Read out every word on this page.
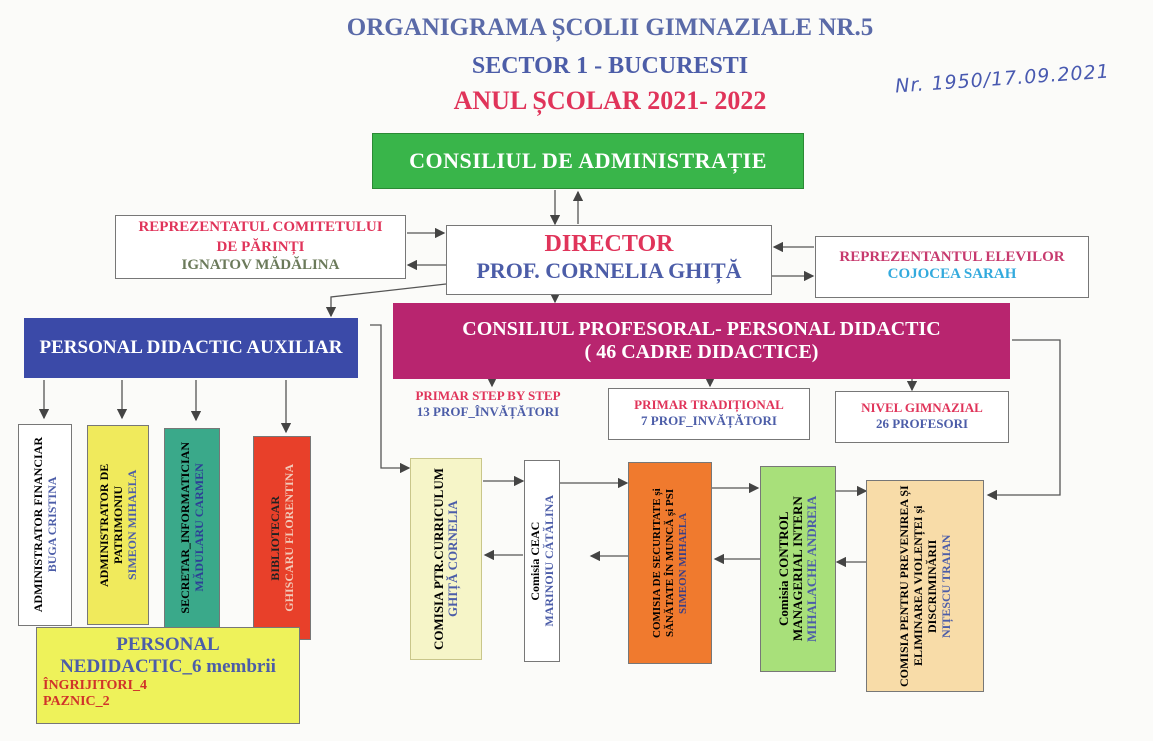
ORGANIGRAMA ȘCOLII GIMNAZIALE NR.5
SECTOR 1 - BUCURESTI
ANUL ȘCOLAR 2021- 2022
Nr. 1950/17.09.2021
CONSILIUL DE ADMINISTRAȚIE
REPREZENTATUL COMITETULUI
DE PĂRINȚI
IGNATOV MĂDĂLINA
DIRECTOR
PROF. CORNELIA GHIȚĂ
REPREZENTANTUL ELEVILOR
COJOCEA SARAH
CONSILIUL PROFESORAL- PERSONAL DIDACTIC
( 46 CADRE DIDACTICE)
PERSONAL DIDACTIC AUXILIAR
PRIMAR STEP BY STEP
13 PROF_ÎNVĂȚĂTORI	PRIMAR TRADIȚIONAL
7 PROF_INVĂȚĂTORI
NIVEL GIMNAZIAL
26 PROFESORI
ADMINISTRATOR FINANCIAR BUGA CRISTINA	ADMINISTRATOR DE PATRIMONIU SIMEON MIHAELA	SECRETAR_INFORMATICIAN MĂDULARU CARMEN	BIBLIOTECAR GHISCARU FLORENTINA
PERSONAL
NEDIDACTIC_6 membrii
ÎNGRIJITORI_4
PAZNIC_2
COMISIA PTR.CURRICULUM GHIȚĂ CORNELIA	Comisia CEAC MARINOIU CĂTĂLINA	COMISIA DE SECURITATE și SĂNĂTATE ÎN MUNCĂ și PSI SIMEON MIHAELA	Comisia CONTROL MANAGERIAL INTERN MIHALACHE ANDREIA	COMISIA PENTRU PREVENIREA ȘI ELIMINAREA VIOLENȚEI și DISCRIMINĂRII NIȚESCU TRAIAN
